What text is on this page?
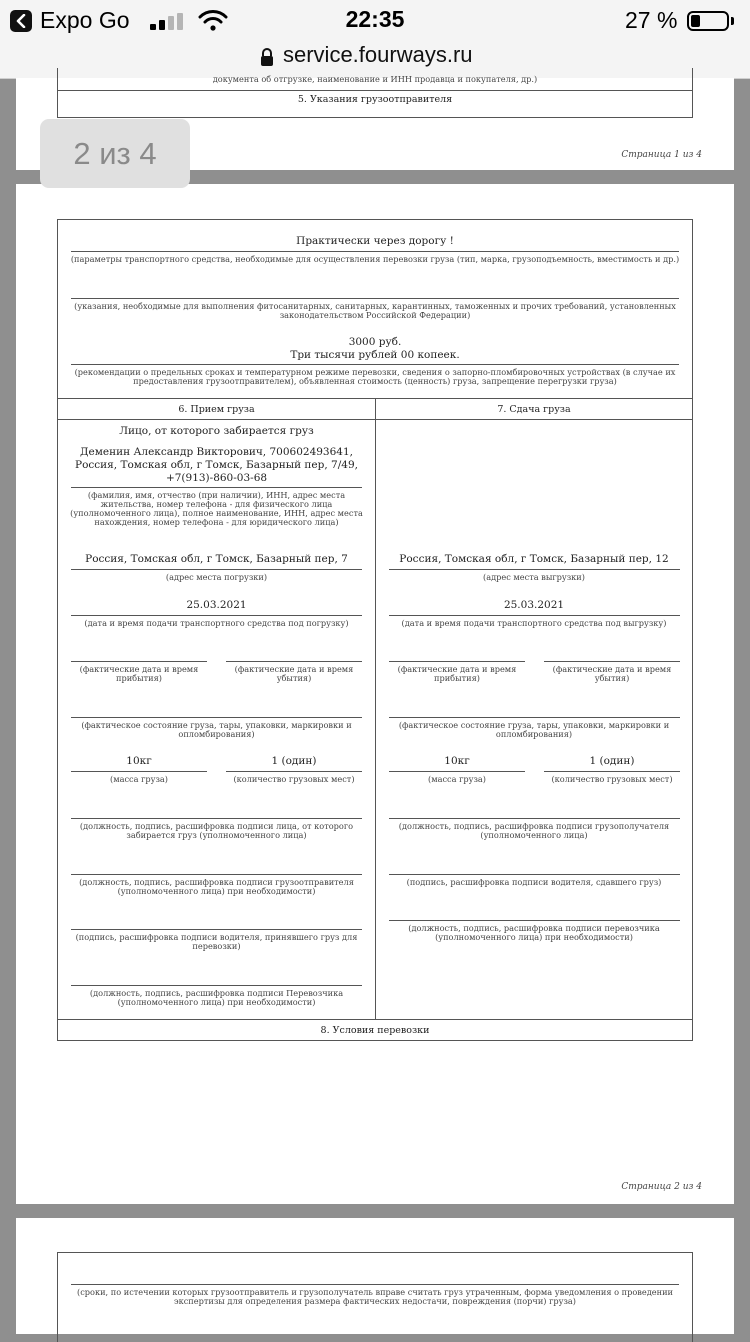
Expo Go	22:35	27 %
service.fourways.ru
документа об отгрузке, наименование и ИНН продавца и покупателя, др.)
5. Указания грузоотправителя
Страница 1 из 4
Практически через дорогу !
(параметры транспортного средства, необходимые для осуществления перевозки груза (тип, марка, грузоподъемность, вместимость и др.)
(указания, необходимые для выполнения фитосанитарных, санитарных, карантинных, таможенных и прочих требований, установленных
законодательством Российской Федерации)
3000 руб.
Три тысячи рублей 00 копеек.
(рекомендации о предельных сроках и температурном режиме перевозки, сведения о запорно-пломбировочных устройствах (в случае их
предоставления грузоотправителем), объявленная стоимость (ценность) груза, запрещение перегрузки груза)
6. Прием груза	7. Сдача груза
Лицо, от которого забирается груз
Деменин Александр Викторович, 700602493641,
Россия, Томская обл, г Томск, Базарный пер, 7/49,
+7(913)-860-03-68
(фамилия, имя, отчество (при наличии), ИНН, адрес места
жительства, номер телефона - для физического лица
(уполномоченного лица), полное наименование, ИНН, адрес места
нахождения, номер телефона - для юридического лица)
Россия, Томская обл, г Томск, Базарный пер, 7
(адрес места погрузки)
25.03.2021
(дата и время подачи транспортного средства под погрузку)
(фактические дата и время
прибытия)
(фактические дата и время
убытия)
(фактическое состояние груза, тары, упаковки, маркировки и
опломбирования)
10кг	1 (один)
(масса груза)	(количество грузовых мест)
(должность, подпись, расшифровка подписи лица, от которого
забирается груз (уполномоченного лица)
(должность, подпись, расшифровка подписи грузоотправителя
(уполномоченного лица) при необходимости)
(подпись, расшифровка подписи водителя, принявшего груз для
перевозки)
(должность, подпись, расшифровка подписи Перевозчика
(уполномоченного лица) при необходимости)
Россия, Томская обл, г Томск, Базарный пер, 12
(адрес места выгрузки)
25.03.2021
(дата и время подачи транспортного средства под выгрузку)
(фактические дата и время
прибытия)
(фактические дата и время
убытия)
(фактическое состояние груза, тары, упаковки, маркировки и
опломбирования)
10кг	1 (один)
(масса груза)	(количество грузовых мест)
(должность, подпись, расшифровка подписи грузополучателя
(уполномоченного лица)
(подпись, расшифровка подписи водителя, сдавшего груз)
(должность, подпись, расшифровка подписи перевозчика
(уполномоченного лица) при необходимости)
8. Условия перевозки
Страница 2 из 4
(сроки, по истечении которых грузоотправитель и грузополучатель вправе считать груз утраченным, форма уведомления о проведении
экспертизы для определения размера фактических недостачи, повреждения (порчи) груза)
2 из 4
